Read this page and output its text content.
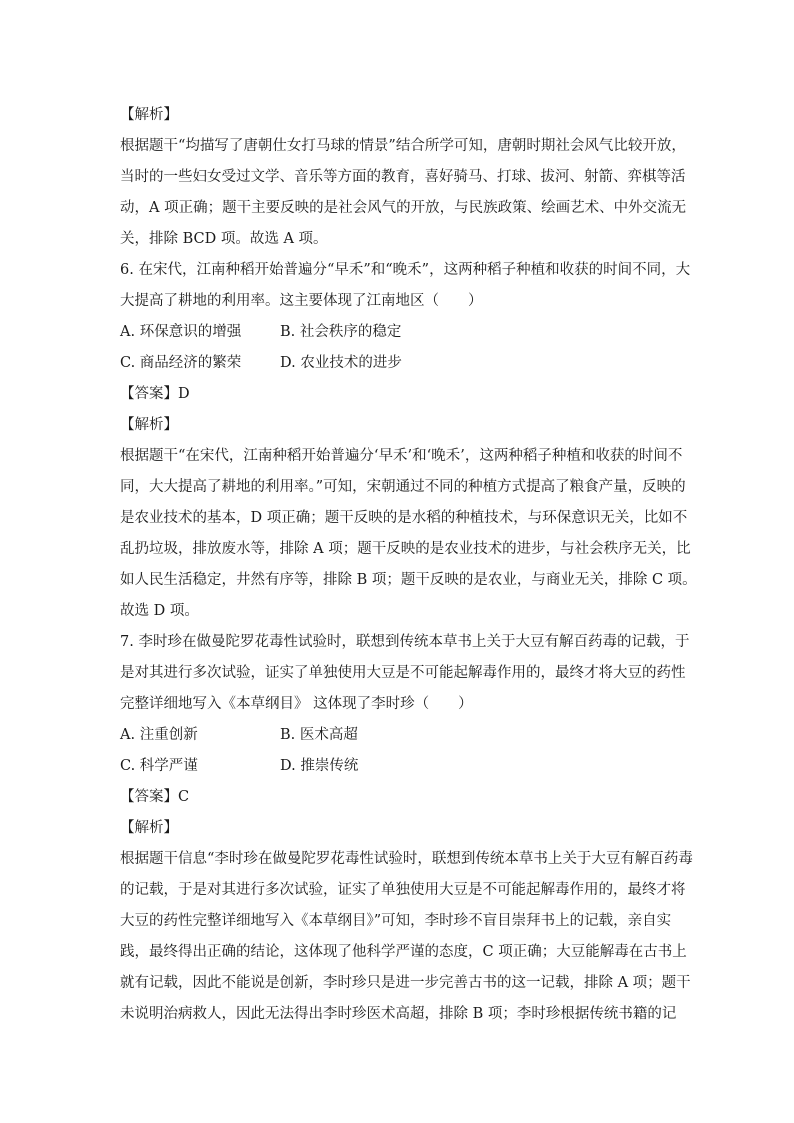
【解析】
根据题干“均描写了唐朝仕女打马球的情景”结合所学可知，唐朝时期社会风气比较开放，
当时的一些妇女受过文学、音乐等方面的教育，喜好骑马、打球、拔河、射箭、弈棋等活
动，A 项正确；题干主要反映的是社会风气的开放，与民族政策、绘画艺术、中外交流无
关，排除 BCD 项。故选 A 项。
6. 在宋代，江南种稻开始普遍分“早禾”和“晚禾”，这两种稻子种植和收获的时间不同，大
大提高了耕地的利用率。这主要体现了江南地区（　　）
A. 环保意识的增强	B. 社会秩序的稳定
C. 商品经济的繁荣	D. 农业技术的进步
【答案】D
【解析】
根据题干“在宋代，江南种稻开始普遍分‘早禾’和‘晚禾’，这两种稻子种植和收获的时间不
同，大大提高了耕地的利用率。”可知，宋朝通过不同的种植方式提高了粮食产量，反映的
是农业技术的基本，D 项正确；题干反映的是水稻的种植技术，与环保意识无关，比如不
乱扔垃圾，排放废水等，排除 A 项；题干反映的是农业技术的进步，与社会秩序无关，比
如人民生活稳定，井然有序等，排除 B 项；题干反映的是农业，与商业无关，排除 C 项。
故选 D 项。
7. 李时珍在做曼陀罗花毒性试验时，联想到传统本草书上关于大豆有解百药毒的记载，于
是对其进行多次试验，证实了单独使用大豆是不可能起解毒作用的，最终才将大豆的药性
完整详细地写入《本草纲目》 这体现了李时珍（　　）
A. 注重创新	B. 医术高超
C. 科学严谨	D. 推崇传统
【答案】C
【解析】
根据题干信息“李时珍在做曼陀罗花毒性试验时，联想到传统本草书上关于大豆有解百药毒
的记载，于是对其进行多次试验，证实了单独使用大豆是不可能起解毒作用的，最终才将
大豆的药性完整详细地写入《本草纲目》”可知，李时珍不盲目崇拜书上的记载，亲自实
践，最终得出正确的结论，这体现了他科学严谨的态度，C 项正确；大豆能解毒在古书上
就有记载，因此不能说是创新，李时珍只是进一步完善古书的这一记载，排除 A 项；题干
未说明治病救人，因此无法得出李时珍医术高超，排除 B 项；李时珍根据传统书籍的记
